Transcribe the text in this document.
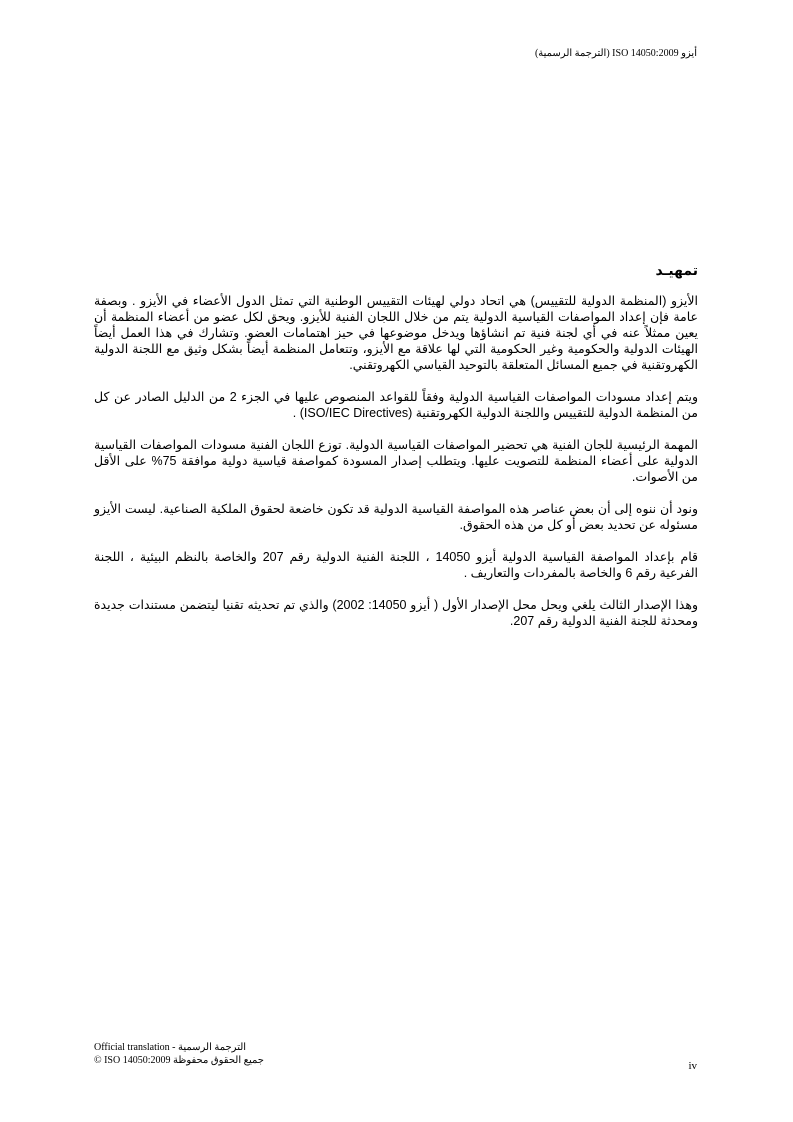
أيزو ISO 14050:2009 (الترجمة الرسمية)
تمهيـد

الأيزو (المنظمة الدولية للتقييس) هي اتحاد دولي لهيئات التقييس الوطنية التي تمثل الدول الأعضاء في الأيزو . وبصفة عامة فإن إعداد المواصفات القياسية الدولية يتم من خلال اللجان الفنية للأيزو. ويحق لكل عضو من أعضاء المنظمة أن يعين ممثلاً عنه في أي لجنة فنية تم انشاؤها ويدخل موضوعها في حيز اهتمامات العضو. وتشارك في هذا العمل أيضاً الهيئات الدولية والحكومية وغير الحكومية التي لها علاقة مع الأيزو، وتتعامل المنظمة أيضاً بشكل وثيق مع اللجنة الدولية الكهروتقنية في جميع المسائل المتعلقة بالتوحيد القياسي الكهروتقني.

ويتم إعداد مسودات المواصفات القياسية الدولية وفقاً للقواعد المنصوص عليها في الجزء 2 من الدليل الصادر عن كل من المنظمة الدولية للتقييس واللجنة الدولية الكهروتقنية (ISO/IEC Directives) .

المهمة الرئيسية للجان الفنية هي تحضير المواصفات القياسية الدولية. توزع اللجان الفنية مسودات المواصفات القياسية الدولية على أعضاء المنظمة للتصويت عليها. ويتطلب إصدار المسودة كمواصفة قياسية دولية موافقة 75% على الأقل من الأصوات.

ونود أن ننوه إلى أن بعض عناصر هذه المواصفة القياسية الدولية قد تكون خاضعة لحقوق الملكية الصناعية. ليست الأيزو مسئوله عن تحديد بعض أو كل من هذه الحقوق.

قام بإعداد المواصفة القياسية الدولية أيزو 14050 ، اللجنة الفنية الدولية رقم 207 والخاصة بالنظم البيئية ، اللجنة الفرعية رقم 6 والخاصة بالمفردات والتعاريف .

وهذا الإصدار الثالث يلغي ويحل محل الإصدار الأول ( أيزو 14050: 2002) والذي تم تحديثه تقنيا ليتضمن مستندات جديدة ومحدثة للجنة الفنية الدولية رقم 207.

Official translation - الترجمة الرسمية
© ISO 14050:2009 جميع الحقوق محفوظة	iv
